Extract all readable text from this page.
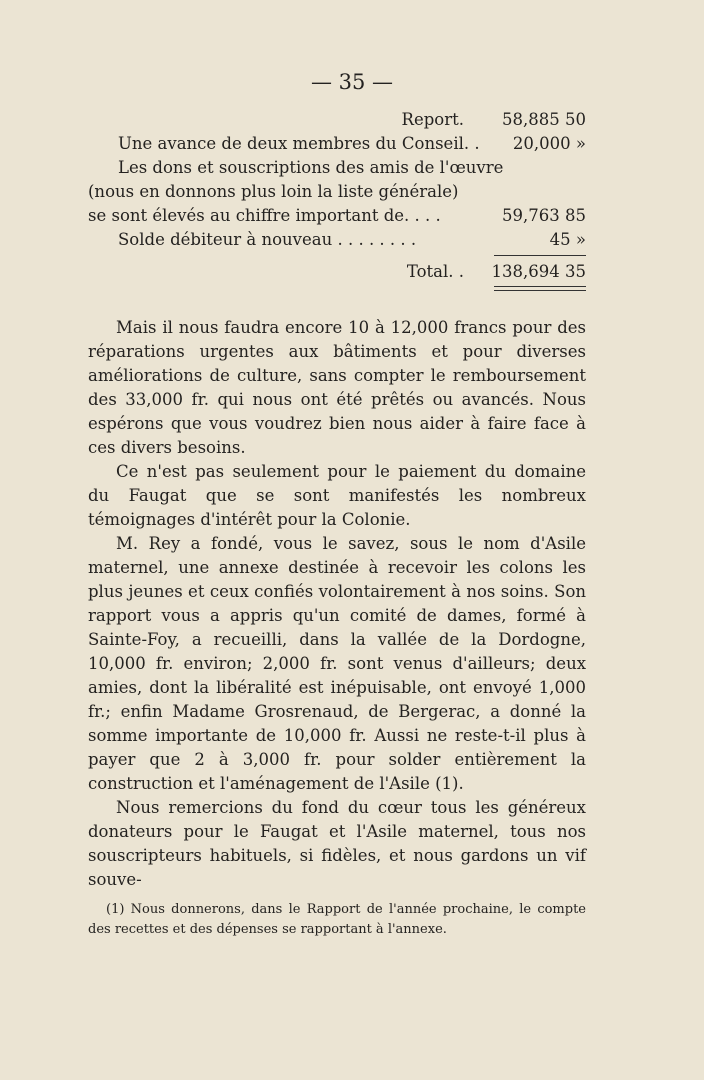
— 35 —
Report.	58,885 50
Une avance de deux membres du Conseil. .	20,000 »
Les dons et souscriptions des amis de l'œuvre
(nous en donnons plus loin la liste générale)
se sont élevés au chiffre important de. . . .	59,763 85
Solde débiteur à nouveau . . . . . . . .	45 »
Total. .	138,694 35

Mais il nous faudra encore 10 à 12,000 francs pour des réparations urgentes aux bâtiments et pour diverses améliorations de culture, sans compter le remboursement des 33,000 fr. qui nous ont été prêtés ou avancés. Nous espérons que vous voudrez bien nous aider à faire face à ces divers besoins.

Ce n'est pas seulement pour le paiement du domaine du Faugat que se sont manifestés les nombreux témoignages d'intérêt pour la Colonie.

M. Rey a fondé, vous le savez, sous le nom d'Asile maternel, une annexe destinée à recevoir les colons les plus jeunes et ceux confiés volontairement à nos soins. Son rapport vous a appris qu'un comité de dames, formé à Sainte-Foy, a recueilli, dans la vallée de la Dordogne, 10,000 fr. environ; 2,000 fr. sont venus d'ailleurs; deux amies, dont la libéralité est inépuisable, ont envoyé 1,000 fr.; enfin Madame Grosrenaud, de Bergerac, a donné la somme importante de 10,000 fr. Aussi ne reste-t-il plus à payer que 2 à 3,000 fr. pour solder entièrement la construction et l'aménagement de l'Asile (1).

Nous remercions du fond du cœur tous les généreux donateurs pour le Faugat et l'Asile maternel, tous nos souscripteurs habituels, si fidèles, et nous gardons un vif souve-

(1) Nous donnerons, dans le Rapport de l'année prochaine, le compte des recettes et des dépenses se rapportant à l'annexe.
